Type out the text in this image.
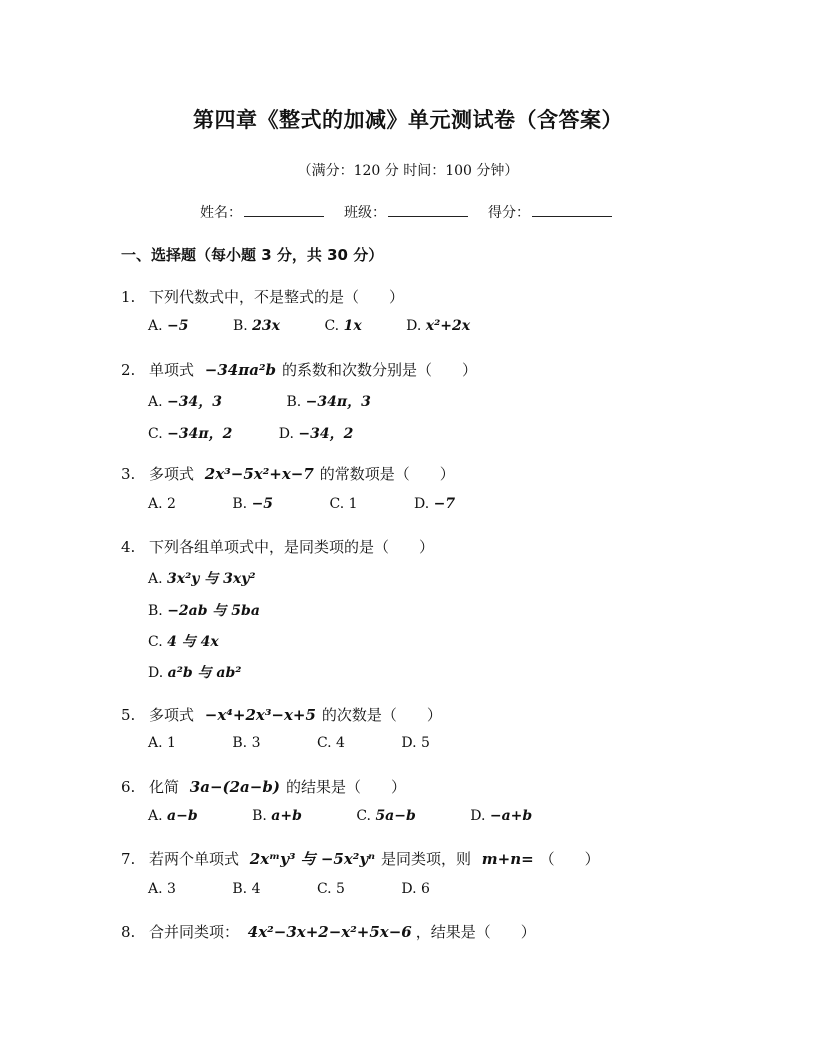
第四章《整式的加减》单元测试卷（含答案）
（满分：120 分 时间：100 分钟）
姓名：	班级：	得分：
一、选择题（每小题 3 分，共 30 分）
1. 下列代数式中，不是整式的是（　　）
A. −5	B. 23x	C. 1x	D. x²+2x
2. 单项式 −34πa²b 的系数和次数分别是（　　）
A. −34，3	B. −34π，3
C. −34π，2	D. −34，2
3. 多项式 2x³−5x²+x−7 的常数项是（　　）
A. 2	B. −5	C. 1	D. −7
4. 下列各组单项式中，是同类项的是（　　）
A. 3x²y 与 3xy²
B. −2ab 与 5ba
C. 4 与 4x
D. a²b 与 ab²
5. 多项式 −x⁴+2x³−x+5 的次数是（　　）
A. 1	B. 3	C. 4	D. 5
6. 化简 3a−(2a−b) 的结果是（　　）
A. a−b	B. a+b	C. 5a−b	D. −a+b
7. 若两个单项式 2xᵐy³ 与 −5x²yⁿ 是同类项，则 m+n= （　　）
A. 3	B. 4	C. 5	D. 6
8. 合并同类项： 4x²−3x+2−x²+5x−6 ，结果是（　　）
